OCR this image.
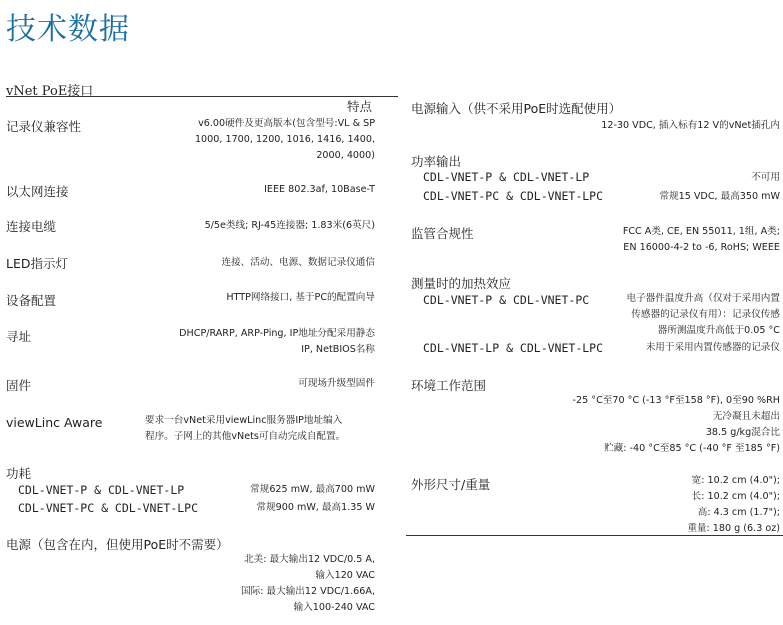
技术数据
vNet PoE接口
特点
记录仪兼容性	v6.00硬件及更高版本(包含型号:VL & SP
1000, 1700, 1200, 1016, 1416, 1400,
2000, 4000)
以太网连接	IEEE 802.3af, 10Base-T
连接电缆	5/5e类线; RJ-45连接器; 1.83米(6英尺)
LED指示灯	连接、活动、电源、数据记录仪通信
设备配置	HTTP网络接口, 基于PC的配置向导
寻址	DHCP/RARP, ARP-Ping, IP地址分配采用静态
IP, NetBIOS名称
固件	可现场升级型固件
viewLinc Aware	要求一台vNet采用viewLinc服务器IP地址编入
程序。子网上的其他vNets可自动完成自配置。
功耗
CDL-VNET-P & CDL-VNET-LP	常规625 mW, 最高700 mW
CDL-VNET-PC & CDL-VNET-LPC	常规900 mW, 最高1.35 W
电源（包含在内，但使用PoE时不需要）
北美: 最大输出12 VDC/0.5 A,
输入120 VAC
国际: 最大输出12 VDC/1.66A,
输入100-240 VAC
电源输入（供不采用PoE时选配使用）
12-30 VDC, 插入标有12 V的vNet插孔内
功率输出
CDL-VNET-P & CDL-VNET-LP	不可用
CDL-VNET-PC & CDL-VNET-LPC	常规15 VDC, 最高350 mW
监管合规性	FCC A类, CE, EN 55011, 1组, A类;
EN 16000-4-2 to -6, RoHS; WEEE
测量时的加热效应
CDL-VNET-P & CDL-VNET-PC	电子器件温度升高（仅对于采用内置
传感器的记录仪有用）：记录仪传感
器所测温度升高低于0.05 °C
CDL-VNET-LP & CDL-VNET-LPC	未用于采用内置传感器的记录仪
环境工作范围
-25 °C至70 °C (-13 °F至158 °F), 0至90 %RH
无冷凝且未超出
38.5 g/kg混合比
贮藏: -40 °C至85 °C (-40 °F 至185 °F)
外形尺寸/重量	宽: 10.2 cm (4.0");
长: 10.2 cm (4.0");
高: 4.3 cm (1.7");
重量: 180 g (6.3 oz)
